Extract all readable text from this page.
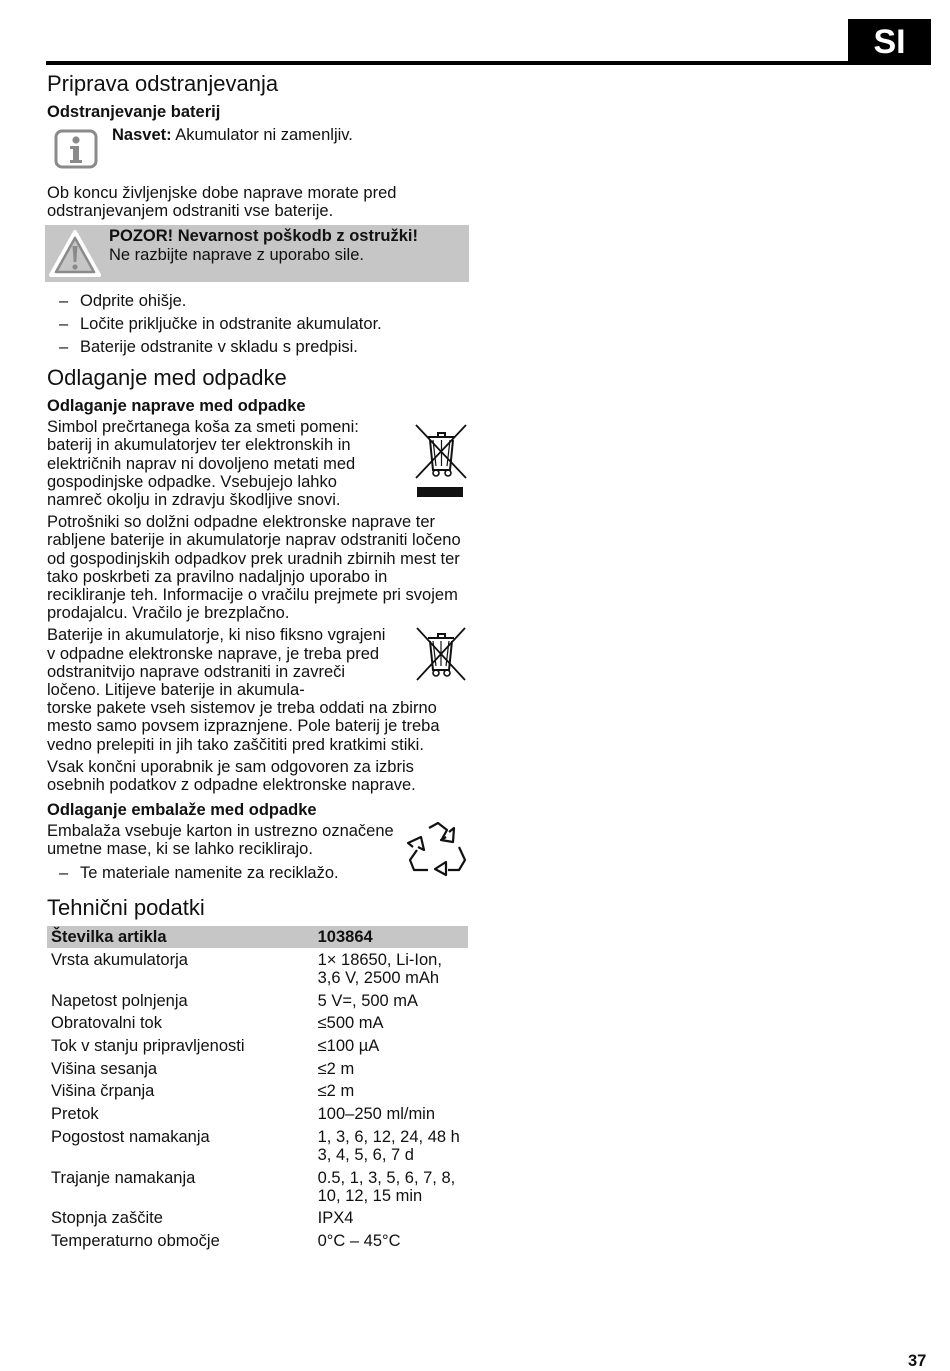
SI
Priprava odstranjevanja
Odstranjevanje baterij
Nasvet: Akumulator ni zamenljiv.

Ob koncu življenjske dobe naprave morate pred odstranjevanjem odstraniti vse baterije.

POZOR! Nevarnost poškodb z ostružki!
Ne razbijte naprave z uporabo sile.
– Odprite ohišje.
– Ločite priključke in odstranite akumulator.
– Baterije odstranite v skladu s predpisi.
Odlaganje med odpadke
Odlaganje naprave med odpadke

Simbol prečrtanega koša za smeti pomeni: baterij in akumulatorjev ter elektronskih in električnih naprav ni dovoljeno metati med gospodinjske odpadke. Vsebujejo lahko namreč okolju in zdravju škodljive snovi.

Potrošniki so dolžni odpadne elektronske naprave ter rabljene baterije in akumulatorje naprav odstraniti ločeno od gospodinjskih odpadkov prek uradnih zbirnih mest ter tako poskrbeti za pravilno nadaljnjo uporabo in recikliranje teh. Informacije o vračilu prejmete pri svojem prodajalcu. Vračilo je brezplačno.

Baterije in akumulatorje, ki niso fiksno vgrajeni v odpadne elektronske naprave, je treba pred odstranitvijo naprave odstraniti in zavreči ločeno. Litijeve baterije in akumula-

torske pakete vseh sistemov je treba oddati na zbirno mesto samo povsem izpraznjene. Pole baterij je treba vedno prelepiti in jih tako zaščititi pred kratkimi stiki.

Vsak končni uporabnik je sam odgovoren za izbris osebnih podatkov z odpadne elektronske naprave.

Odlaganje embalaže med odpadke

Embalaža vsebuje karton in ustrezno označene umetne mase, ki se lahko reciklirajo.

– Te materiale namenite za reciklažo.
Tehnični podatki
Številka artikla	103864
Vrsta akumulatorja	1× 18650, Li-Ion, 3,6 V, 2500 mAh
Napetost polnjenja	5 V=, 500 mA
Obratovalni tok	≤500 mA
Tok v stanju pripravljenosti	≤100 µA
Višina sesanja	≤2 m
Višina črpanja	≤2 m
Pretok	100–250 ml/min
Pogostost namakanja	1, 3, 6, 12, 24, 48 h 3, 4, 5, 6, 7 d
Trajanje namakanja	0.5, 1, 3, 5, 6, 7, 8, 10, 12, 15 min
Stopnja zaščite	IPX4
Temperaturno območje	0°C – 45°C
37
